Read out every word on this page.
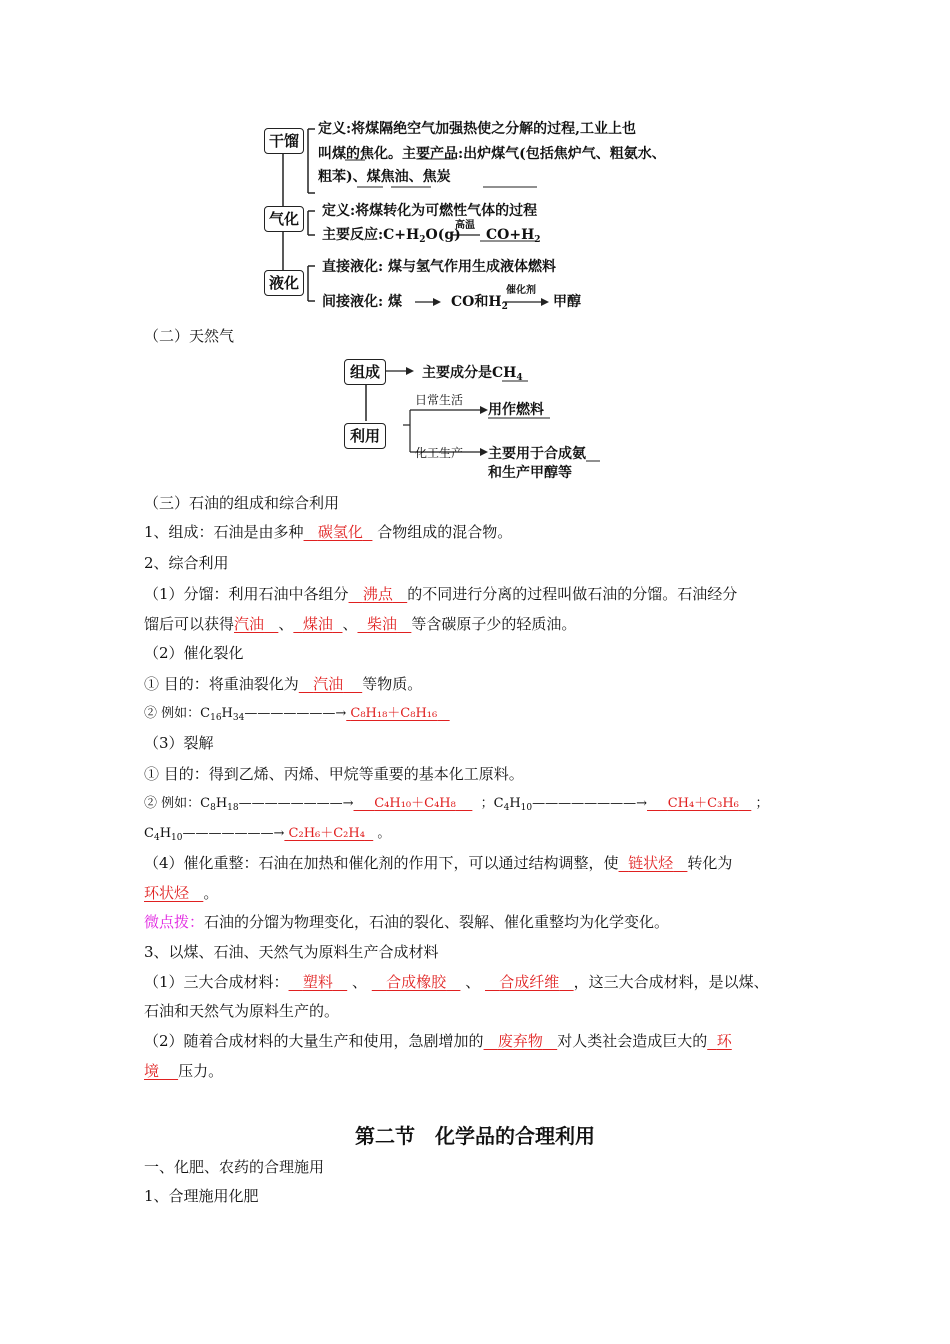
干馏
气化
液化
定义:将煤隔绝空气加强热使之分解的过程,工业上也
叫煤的焦化。主要产品:出炉煤气(包括焦炉气、粗氨水、
粗苯)、煤焦油、焦炭
定义:将煤转化为可燃性气体的过程
主要反应$:C+H_2O(g)$
高温
$CO+H_2$
直接液化: 煤与氢气作用生成液体燃料
间接液化: 煤	CO和$H_2$
催化剂
甲醇
（二）天然气
组成
利用
主要成分是$CH_4$
日常生活
用作燃料
化工生产 主要用于合成氨
和生产甲醇等
（三）石油的组成和综合利用
1、组成：石油是由多种 碳氢化 合物组成的混合物。
2、综合利用
（1）分馏：利用石油中各组分 沸点 的不同进行分离的过程叫做石油的分馏。石油经分
馏后可以获得汽油 、 煤油 、 柴油 等含碳原子少的轻质油。
（2）催化裂化
① 目的：将重油裂化为 汽油 等物质。
② 例如：$C_{16}H_{34}———————\to C_8H_{18}+C_8H_{16}$
（3）裂解
① 目的：得到乙烯、丙烯、甲烷等重要的基本化工原料。
② 例如：$C_8H_{18}————————\to C_4H_{10}+C_4H_8$ ；$C_4H_{10}————————\to CH_4+C_3H_6$ ；
$C_4H_{10}———————\to C_2H_6+C_2H_4$ 。
（4）催化重整：石油在加热和催化剂的作用下，可以通过结构调整，使 链状烃 转化为
环状烃 。
微点拨：石油的分馏为物理变化，石油的裂化、裂解、催化重整均为化学变化。
3、以煤、石油、天然气为原料生产合成材料
（1）三大合成材料： 塑料 、 合成橡胶 、 合成纤维 ，这三大合成材料，是以煤、
石油和天然气为原料生产的。
（2）随着合成材料的大量生产和使用，急剧增加的 废弃物 对人类社会造成巨大的 环
境 压力。
第二节　化学品的合理利用
一、化肥、农药的合理施用
1、合理施用化肥
